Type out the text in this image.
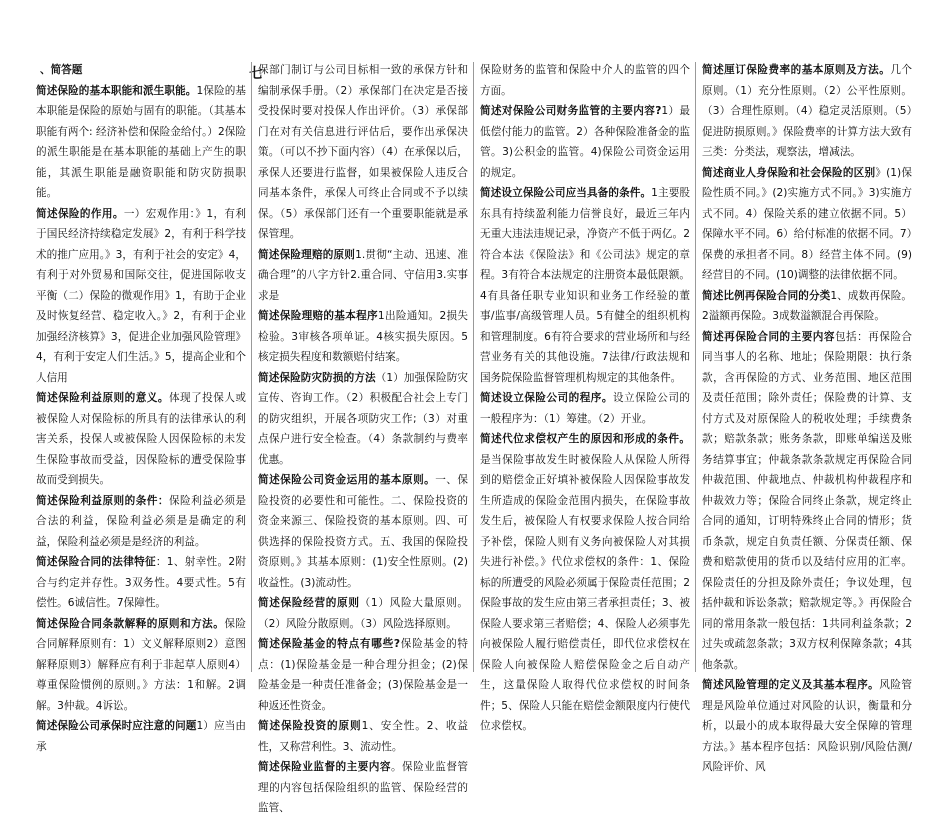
七
、简答题

简述保险的基本职能和派生职能。1保险的基本职能是保险的原始与固有的职能。（其基本职能有两个: 经济补偿和保险金给付。）2保险的派生职能是在基本职能的基础上产生的职能，其派生职能是融资职能和防灾防损职能。

简述保险的作用。一）宏观作用：》1，有利于国民经济持续稳定发展》2，有利于科学技术的推广应用。》3，有利于社会的安定》4，有利于对外贸易和国际交往，促进国际收支平衡（二）保险的微观作用》1，有助于企业及时恢复经营、稳定收入。》2，有利于企业加强经济核算》3，促进企业加强风险管理》4，有利于安定人们生活。》5，提高企业和个人信用

简述保险利益原则的意义。体现了投保人或被保险人对保险标的所具有的法律承认的利害关系，投保人或被保险人因保险标的未发生保险事故而受益，因保险标的遭受保险事故而受到损失。

简述保险利益原则的条件：保险利益必须是合法的利益，保险利益必须是是确定的利益，保险利益必须是是经济的利益。

简述保险合同的法律特征：1、射幸性。2附合与约定并存性。3双务性。4要式性。5有偿性。6诚信性。7保障性。

简述保险合同条款解释的原则和方法。保险合同解释原则有：1）文义解释原则2）意图解释原则3）解释应有利于非起草人原则4）尊重保险惯例的原则。》方法：1和解。2调解。3仲裁。4诉讼。

简述保险公司承保时应注意的问题1）应当由承

保部门制订与公司目标相一致的承保方针和编制承保手册。（2）承保部门在决定是否接受投保时要对投保人作出评价。（3）承保部门在对有关信息进行评估后，要作出承保决策。（可以不抄下面内容）（4）在承保以后，承保人还要进行监督，如果被保险人违反合同基本条件，承保人可终止合同或不予以续保。（5）承保部门还有一个重要职能就是承保管理。

简述保险理赔的原则1.贯彻“主动、迅速、准确合理”的八字方针2.重合同、守信用3.实事求是

简述保险理赔的基本程序1出险通知。2损失检验。3审核各项单证。4核实损失原因。5核定损失程度和数额赔付结案。

简述保险防灾防损的方法（1）加强保险防灾宣传、咨询工作。（2）积极配合社会上专门的防灾组织，开展各项防灾工作;（3）对重点保户进行安全检查。（4）条款制约与费率优惠。

简述保险公司资金运用的基本原则。一、保险投资的必要性和可能性。二、保险投资的资金来源三、保险投资的基本原则。四、可供选择的保险投资方式。五、我国的保险投资原则。》其基本原则：(1)安全性原则。(2)收益性。(3)流动性。

简述保险经营的原则（1）风险大量原则。（2）风险分散原则。（3）风险选择原则。

简述保险基金的特点有哪些?保险基金的特点：(1)保险基金是一种合理分担金；(2)保险基金是一种责任准备金；(3)保险基金是一种返还性资金。

简述保险投资的原则1、安全性。2、收益性，又称营利性。3、流动性。

简述保险业监督的主要内容。保险业监督管理的内容包括保险组织的监管、保险经营的监管、

保险财务的监管和保险中介人的监管的四个方面。

简述对保险公司财务监管的主要内容?1）最低偿付能力的监管。2）各种保险准备金的监管。3)公积金的监管。4)保险公司资金运用的规定。

简述设立保险公司应当具备的条件。1主要股东具有持续盈利能力信誉良好，最近三年内无重大违法违规记录，净资产不低于两亿。2符合本法《保险法》和《公司法》规定的章程。3有符合本法规定的注册资本最低限额。4有具备任职专业知识和业务工作经验的董事/监事/高级管理人员。5有健全的组织机构和管理制度。6有符合要求的营业场所和与经营业务有关的其他设施。7法律/行政法规和国务院保险监督管理机构规定的其他条件。

简述设立保险公司的程序。设立保险公司的一般程序为：（1）筹建。（2）开业。

简述代位求偿权产生的原因和形成的条件。是当保险事故发生时被保险人从保险人所得到的赔偿金正好填补被保险人因保险事故发生所造成的保险金范围内损失，在保险事故发生后，被保险人有权要求保险人按合同给予补偿，保险人则有义务向被保险人对其损失进行补偿。》代位求偿权的条件：1、保险标的所遭受的风险必须属于保险责任范围；2保险事故的发生应由第三者承担责任；3、被保险人要求第三者赔偿；4、保险人必须事先向被保险人履行赔偿责任，即代位求偿权在保险人向被保险人赔偿保险金之后自动产生，这量保险人取得代位求偿权的时间条件；5、保险人只能在赔偿金额限度内行使代位求偿权。

简述厘订保险费率的基本原则及方法。几个原则。（1）充分性原则。（2）公平性原则。（3）合理性原则。（4）稳定灵活原则。（5）促进防损原则。》保险费率的计算方法大致有三类：分类法，观察法，增减法。

简述商业人身保险和社会保险的区别》(1)保险性质不同。》(2)实施方式不同。》3)实施方式不同。4）保险关系的建立依据不同。5）保障水平不同。6）给付标准的依据不同。7）保费的承担者不同。8）经营主体不同。(9)经营目的不同。(10)调整的法律依据不同。

简述比例再保险合同的分类1、成数再保险。2溢额再保险。3成数溢额混合再保险。

简述再保险合同的主要内容包括：再保险合同当事人的名称、地址；保险期限：执行条款，含再保险的方式、业务范围、地区范围及责任范围；除外责任；保险费的计算、支付方式及对原保险人的税收处理；手续费条款；赔款条款；账务条款，即账单编送及账务结算事宜；仲裁条款条款规定再保险合同仲裁范围、仲裁地点、仲裁机构仲裁程序和仲裁效力等；保险合同终止条款，规定终止合同的通知，订明特殊终止合同的情形；货币条款，规定自负责任额、分保责任额、保费和赔款使用的货币以及结付应用的汇率。保险责任的分担及除外责任；争议处理，包括仲裁和诉讼条款；赔款规定等。》再保险合同的常用条款一般包括：1共同利益条款；2过失或疏忽条款；3双方权利保障条款；4其他条款。

简述风险管理的定义及其基本程序。风险管理是风险单位通过对风险的认识，衡量和分析，以最小的成本取得最大安全保障的管理方法。》基本程序包括：风险识别/风险估测/风险评价、风
